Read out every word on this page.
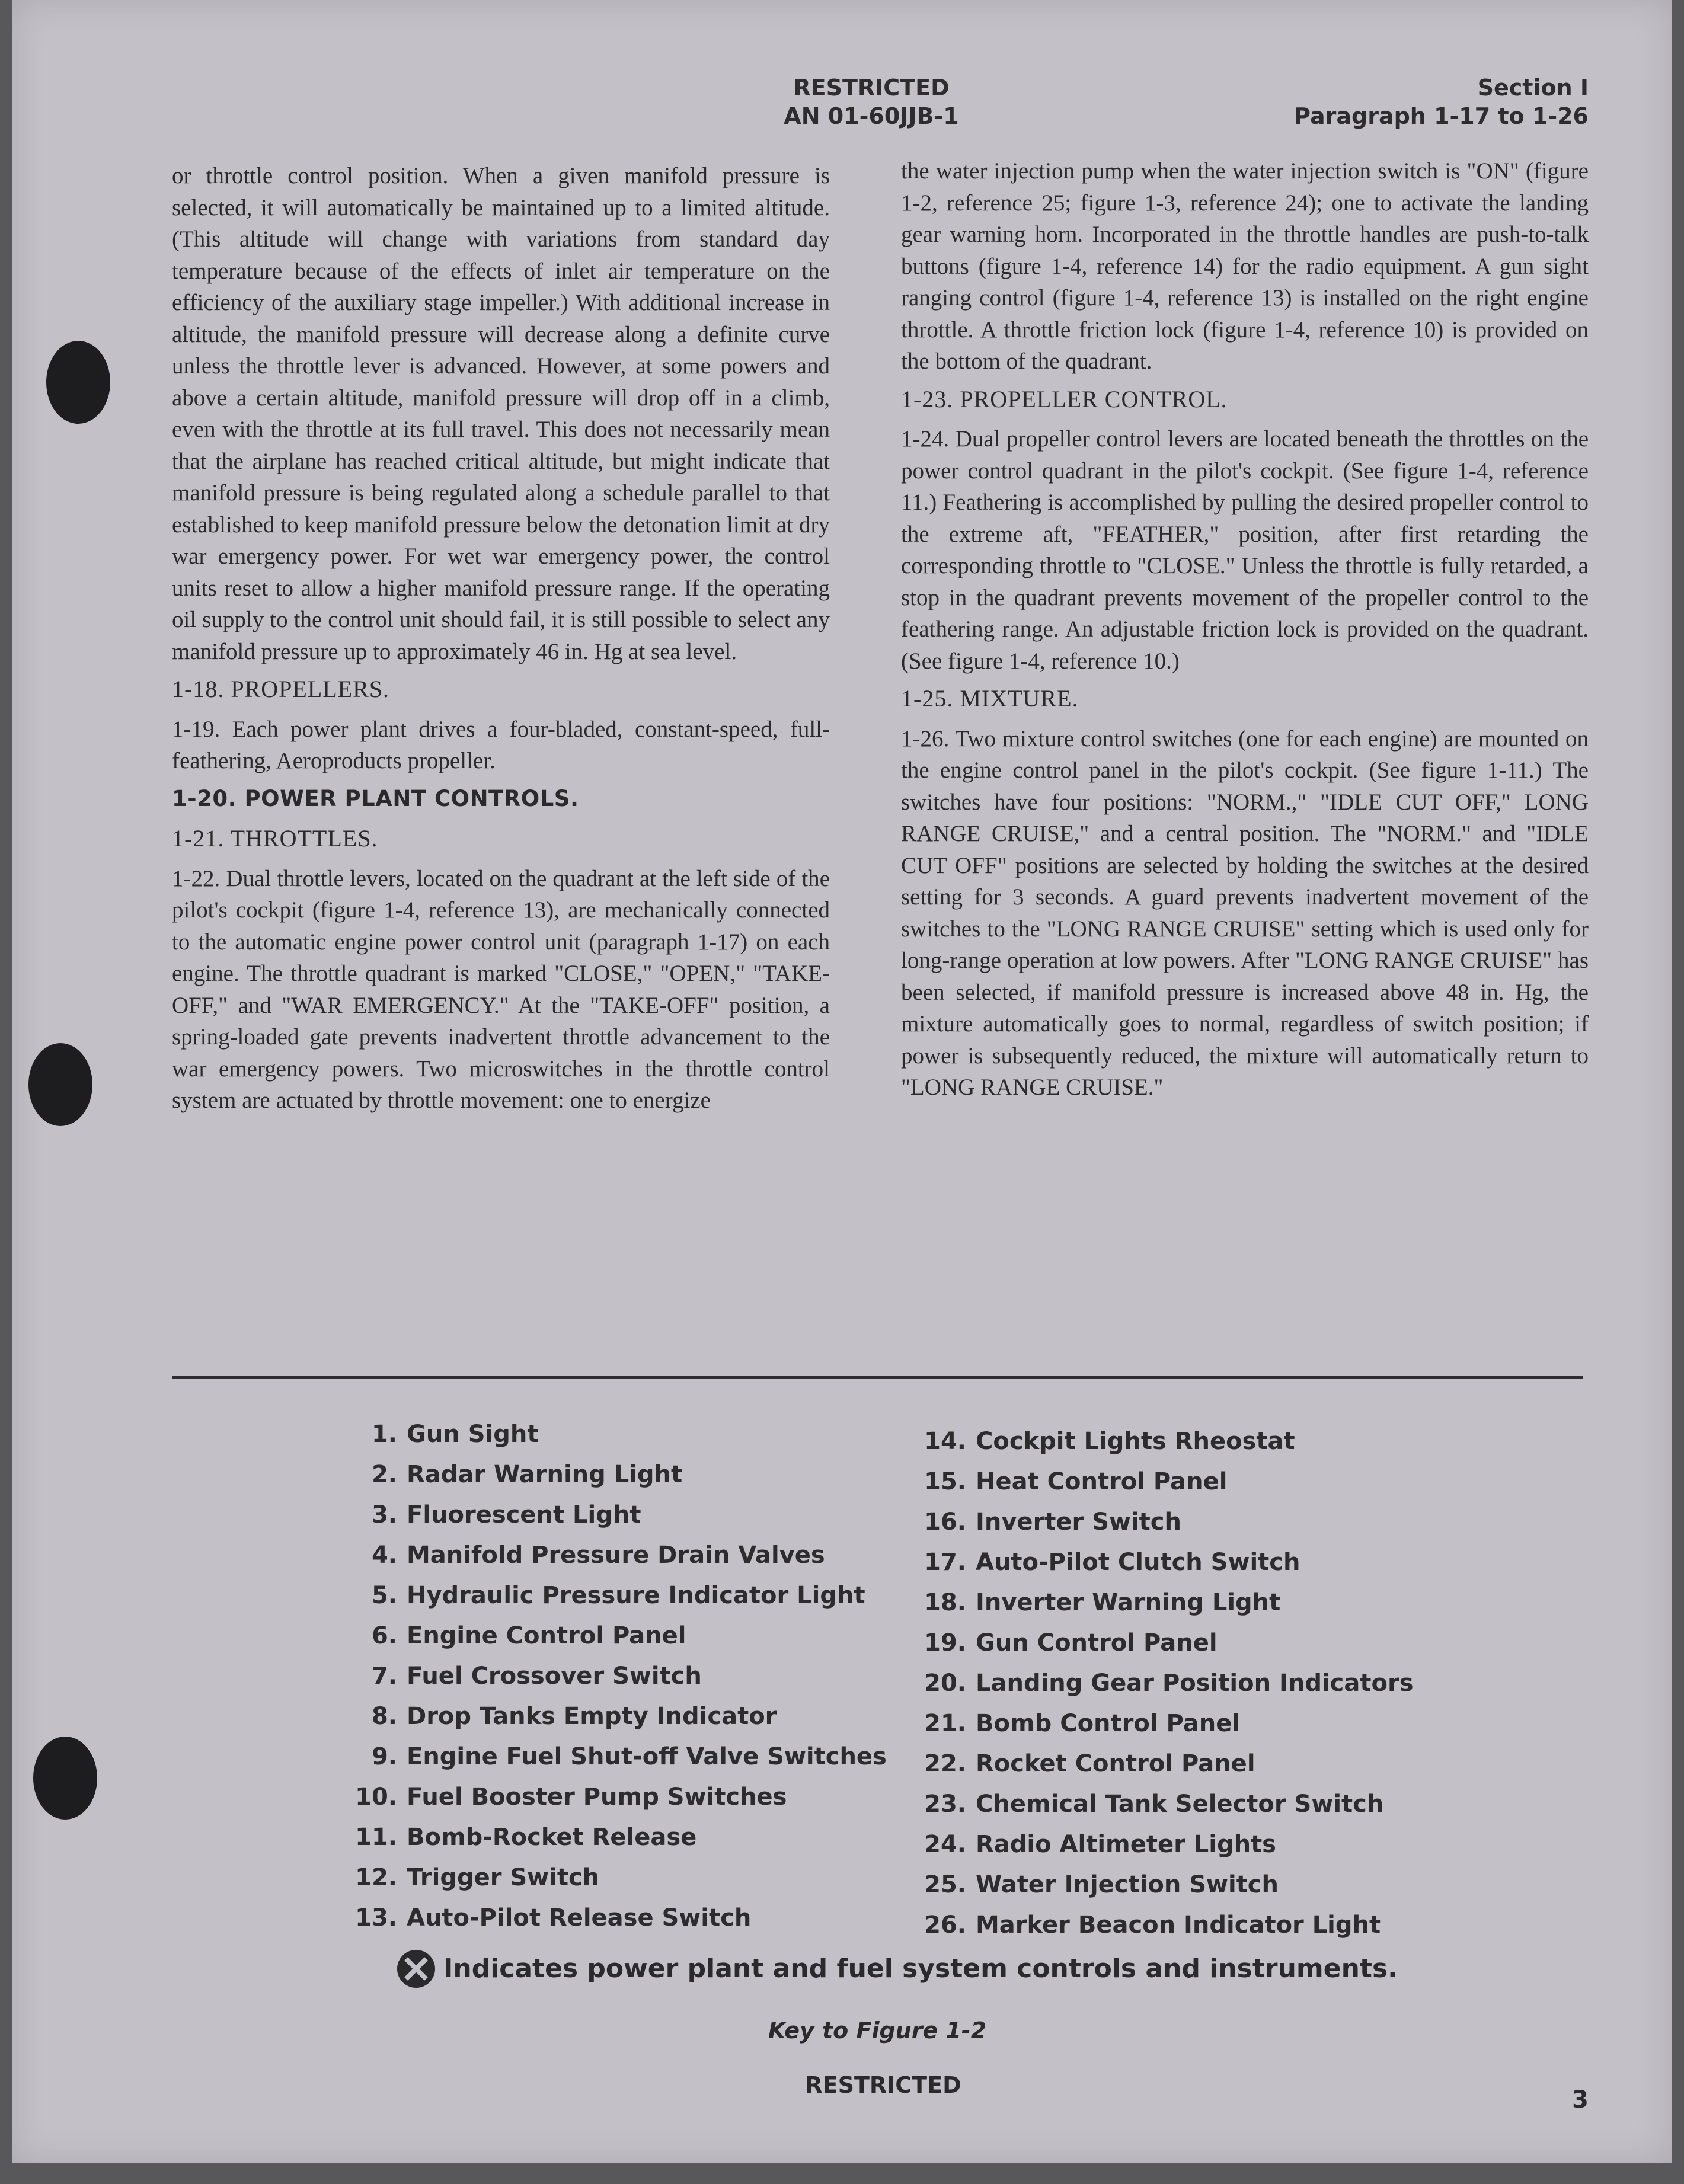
RESTRICTED
AN 01-60JJB-1
Section I
Paragraph 1-17 to 1-26

or throttle control position. When a given manifold pressure is selected, it will automatically be maintained up to a limited altitude. (This altitude will change with variations from standard day temperature because of the effects of inlet air temperature on the efficiency of the auxiliary stage impeller.) With additional increase in altitude, the manifold pressure will decrease along a definite curve unless the throttle lever is advanced. However, at some powers and above a certain altitude, manifold pressure will drop off in a climb, even with the throttle at its full travel. This does not necessarily mean that the airplane has reached critical altitude, but might indicate that manifold pressure is being regulated along a schedule parallel to that established to keep manifold pressure below the detonation limit at dry war emergency power. For wet war emergency power, the control units reset to allow a higher manifold pressure range. If the operating oil supply to the control unit should fail, it is still possible to select any manifold pressure up to approximately 46 in. Hg at sea level.

1-18. PROPELLERS.

1-19. Each power plant drives a four-bladed, constant-speed, full-feathering, Aeroproducts propeller.

1-20. POWER PLANT CONTROLS.
1-21. THROTTLES.

1-22. Dual throttle levers, located on the quadrant at the left side of the pilot's cockpit (figure 1-4, reference 13), are mechanically connected to the automatic engine power control unit (paragraph 1-17) on each engine. The throttle quadrant is marked "CLOSE," "OPEN," "TAKE-OFF," and "WAR EMERGENCY." At the "TAKE-OFF" position, a spring-loaded gate prevents inadvertent throttle advancement to the war emergency powers. Two microswitches in the throttle control system are actuated by throttle movement: one to energize

the water injection pump when the water injection switch is "ON" (figure 1-2, reference 25; figure 1-3, reference 24); one to activate the landing gear warning horn. Incorporated in the throttle handles are push-to-talk buttons (figure 1-4, reference 14) for the radio equipment. A gun sight ranging control (figure 1-4, reference 13) is installed on the right engine throttle. A throttle friction lock (figure 1-4, reference 10) is provided on the bottom of the quadrant.

1-23. PROPELLER CONTROL.

1-24. Dual propeller control levers are located beneath the throttles on the power control quadrant in the pilot's cockpit. (See figure 1-4, reference 11.) Feathering is accomplished by pulling the desired propeller control to the extreme aft, "FEATHER," position, after first retarding the corresponding throttle to "CLOSE." Unless the throttle is fully retarded, a stop in the quadrant prevents movement of the propeller control to the feathering range. An adjustable friction lock is provided on the quadrant. (See figure 1-4, reference 10.)

1-25. MIXTURE.

1-26. Two mixture control switches (one for each engine) are mounted on the engine control panel in the pilot's cockpit. (See figure 1-11.) The switches have four positions: "NORM.," "IDLE CUT OFF," LONG RANGE CRUISE," and a central position. The "NORM." and "IDLE CUT OFF" positions are selected by holding the switches at the desired setting for 3 seconds. A guard prevents inadvertent movement of the switches to the "LONG RANGE CRUISE" setting which is used only for long-range operation at low powers. After "LONG RANGE CRUISE" has been selected, if manifold pressure is increased above 48 in. Hg, the mixture automatically goes to normal, regardless of switch position; if power is subsequently reduced, the mixture will automatically return to "LONG RANGE CRUISE."

1. Gun Sight
2. Radar Warning Light
3. Fluorescent Light
4. Manifold Pressure Drain Valves
5. Hydraulic Pressure Indicator Light
6. Engine Control Panel
7. Fuel Crossover Switch
8. Drop Tanks Empty Indicator
9. Engine Fuel Shut-off Valve Switches
10. Fuel Booster Pump Switches
11. Bomb-Rocket Release
12. Trigger Switch
13. Auto-Pilot Release Switch
14. Cockpit Lights Rheostat
15. Heat Control Panel
16. Inverter Switch
17. Auto-Pilot Clutch Switch
18. Inverter Warning Light
19. Gun Control Panel
20. Landing Gear Position Indicators
21. Bomb Control Panel
22. Rocket Control Panel
23. Chemical Tank Selector Switch
24. Radio Altimeter Lights
25. Water Injection Switch
26. Marker Beacon Indicator Light
Indicates power plant and fuel system controls and instruments.
Key to Figure 1-2
RESTRICTED
3
